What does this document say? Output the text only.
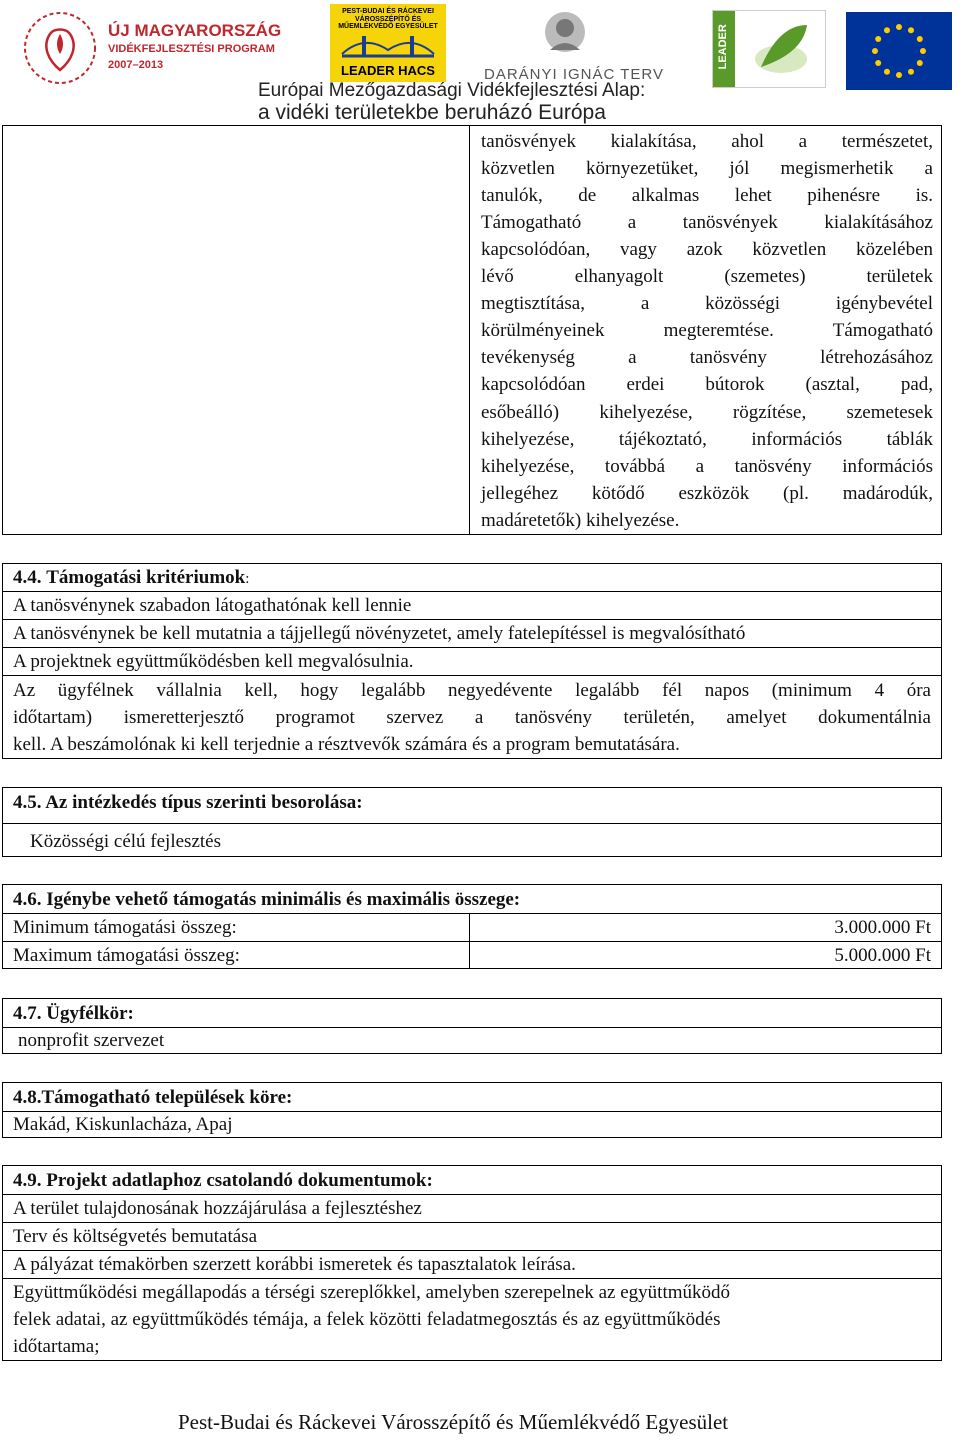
ÚJ MAGYARORSZÁG
VIDÉKFEJLESZTÉSI PROGRAM
2007–2013
PEST-BUDAI ÉS RÁCKEVEI VÁROSSZÉPÍTŐ ÉS MŰEMLÉKVÉDŐ EGYESÜLET
LEADER HACS	DARÁNYI IGNÁC TERV
LEADER
Európai Mezőgazdasági Vidékfejlesztési Alap:
a vidéki területekbe beruházó Európa
tanösvények kialakítása, ahol a természetet,
közvetlen környezetüket, jól megismerhetik a
tanulók, de alkalmas lehet pihenésre is.
Támogatható a tanösvények kialakításához
kapcsolódóan, vagy azok közvetlen közelében
lévő elhanyagolt (szemetes) területek
megtisztítása, a közösségi igénybevétel
körülményeinek megteremtése. Támogatható
tevékenység a tanösvény létrehozásához
kapcsolódóan erdei bútorok (asztal, pad,
esőbeálló) kihelyezése, rögzítése, szemetesek
kihelyezése, tájékoztató, információs táblák
kihelyezése, továbbá a tanösvény információs
jellegéhez kötődő eszközök (pl. madárodúk,
madáretetők) kihelyezése.
4.4. Támogatási kritériumok:
A tanösvénynek szabadon látogathatónak kell lennie
A tanösvénynek be kell mutatnia a tájjellegű növényzetet, amely fatelepítéssel is megvalósítható
A projektnek együttműködésben kell megvalósulnia.
Az ügyfélnek vállalnia kell, hogy legalább negyedévente legalább fél napos (minimum 4 óra
időtartam) ismeretterjesztő programot szervez a tanösvény területén, amelyet dokumentálnia
kell. A beszámolónak ki kell terjednie a résztvevők számára és a program bemutatására.
4.5. Az intézkedés típus szerinti besorolása:
Közösségi célú fejlesztés
4.6. Igénybe vehető támogatás minimális és maximális összege:
Minimum támogatási összeg:	3.000.000 Ft
Maximum támogatási összeg:	5.000.000 Ft
4.7. Ügyfélkör:
nonprofit szervezet
4.8.Támogatható települések köre:
Makád, Kiskunlacháza, Apaj
4.9. Projekt adatlaphoz csatolandó dokumentumok:
A terület tulajdonosának hozzájárulása a fejlesztéshez
Terv és költségvetés bemutatása
A pályázat témakörben szerzett korábbi ismeretek és tapasztalatok leírása.
Együttműködési megállapodás a térségi szereplőkkel, amelyben szerepelnek az együttműködő
felek adatai, az együttműködés témája, a felek közötti feladatmegosztás és az együttműködés
időtartama;
Pest-Budai és Ráckevei Városszépítő és Műemlékvédő Egyesület
